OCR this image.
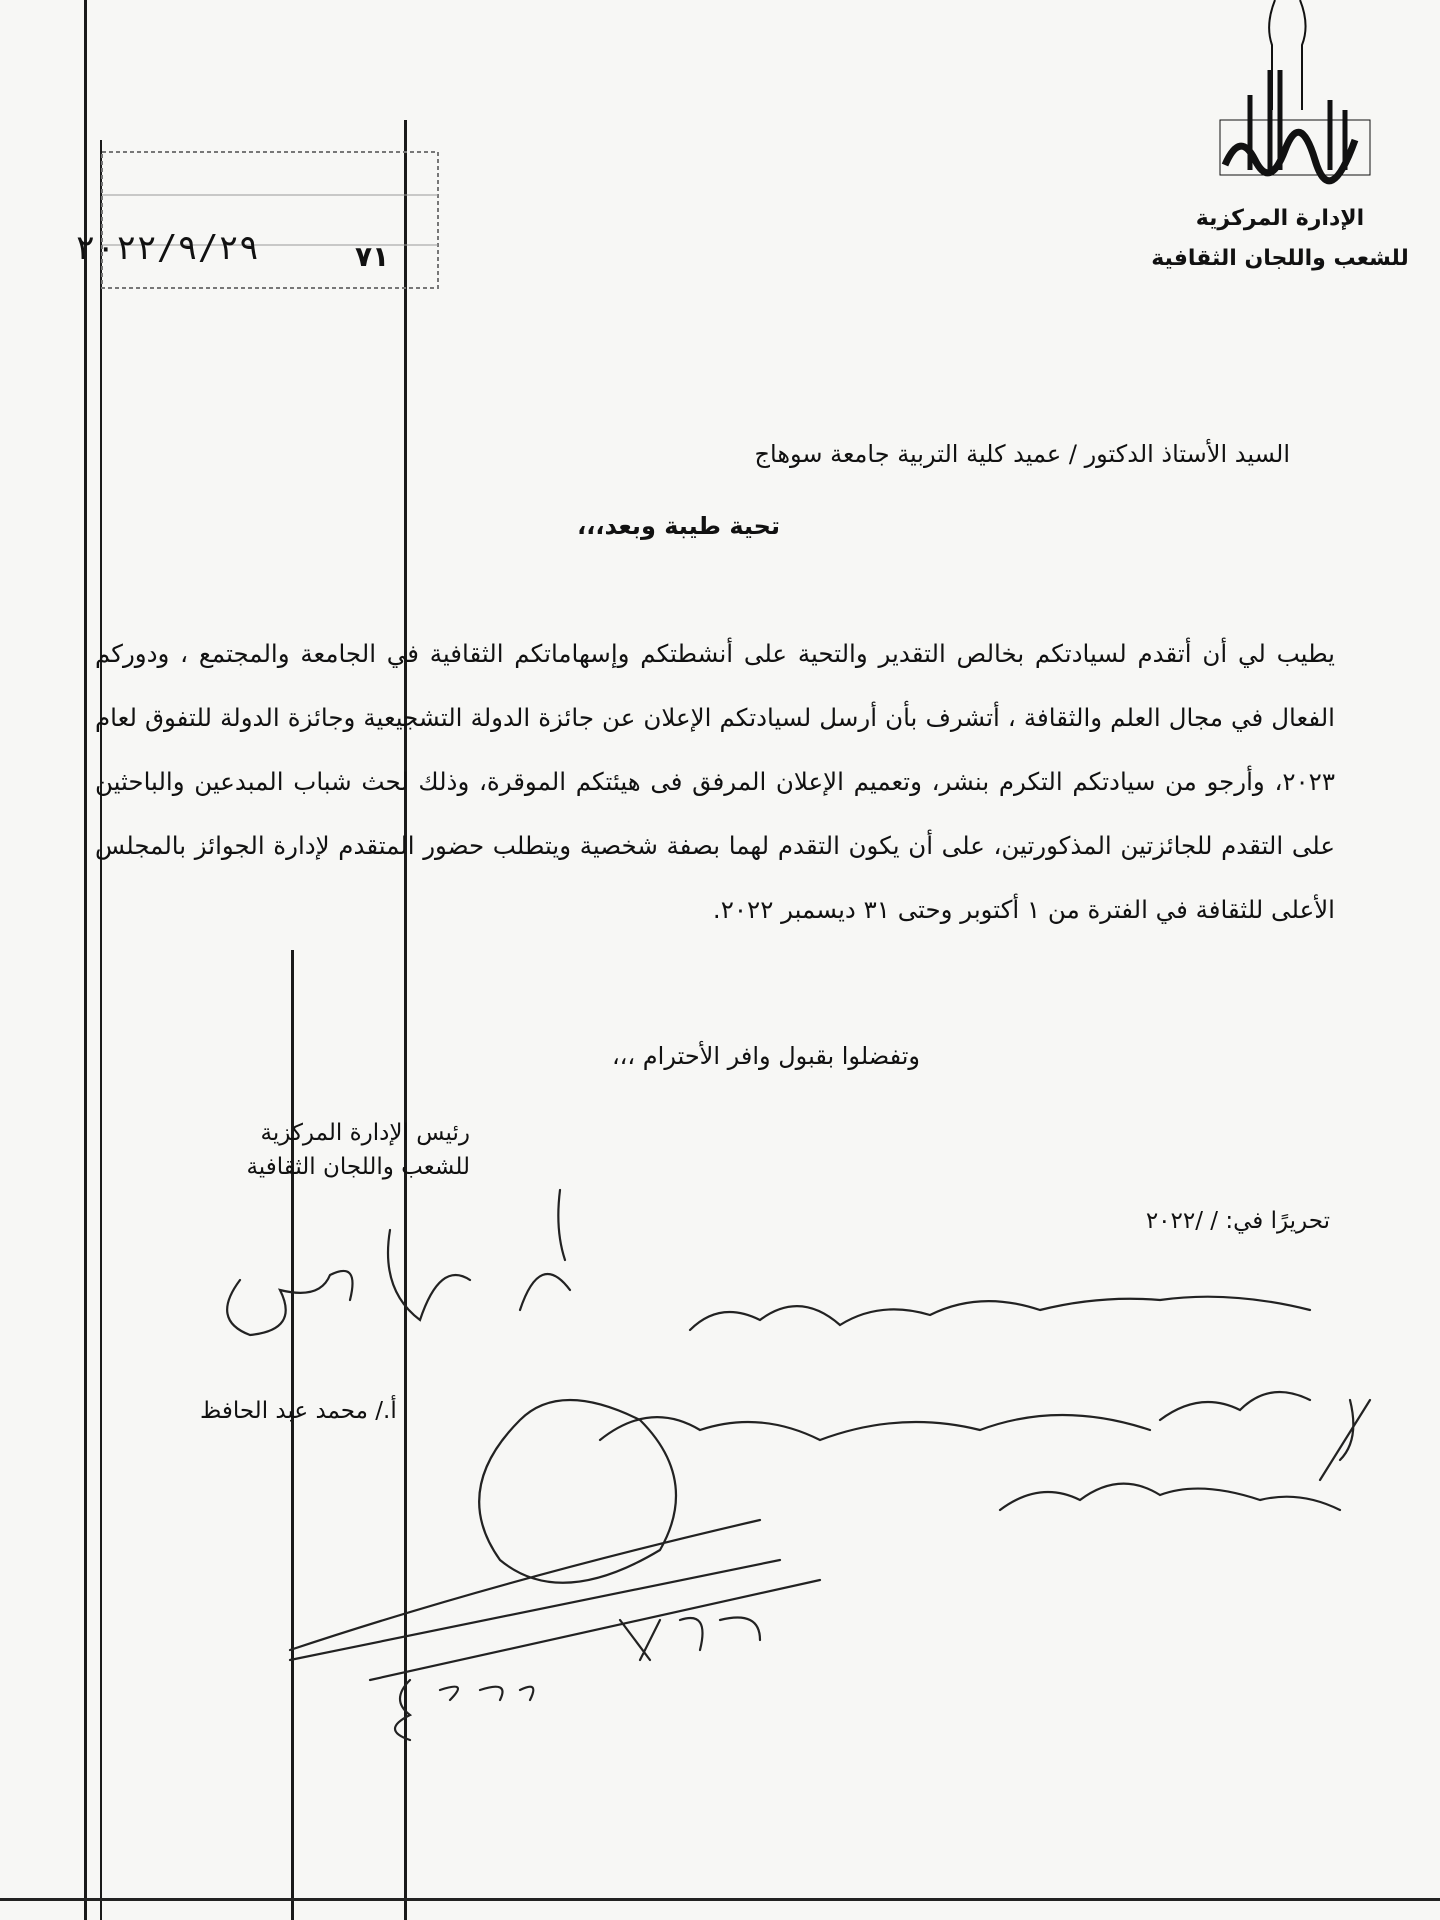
الإدارة المركزية
للشعب واللجان الثقافية
٢٠٢٢/٩/٢٩	٧١
السيد الأستاذ الدكتور / عميد كلية التربية جامعة سوهاج
تحية طيبة وبعد،،،
يطيب لي أن أتقدم لسيادتكم بخالص التقدير والتحية على أنشطتكم وإسهاماتكم الثقافية في الجامعة والمجتمع ، ودوركم الفعال في مجال العلم والثقافة ، أتشرف بأن أرسل لسيادتكم الإعلان عن جائزة الدولة التشجيعية وجائزة الدولة للتفوق لعام ٢٠٢٣، وأرجو من سيادتكم التكرم بنشر، وتعميم الإعلان المرفق فى هيئتكم الموقرة، وذلك لحث شباب المبدعين والباحثين على التقدم للجائزتين المذكورتين، على أن يكون التقدم لهما بصفة شخصية ويتطلب حضور المتقدم لإدارة الجوائز بالمجلس الأعلى للثقافة في الفترة من ١ أكتوبر وحتى ٣١ ديسمبر ٢٠٢٢.
وتفضلوا بقبول وافر الأحترام ،،،
رئيس الإدارة المركزية
للشعب واللجان الثقافية
أ./ محمد عبد الحافظ
تحريرًا في: / /٢٠٢٢
